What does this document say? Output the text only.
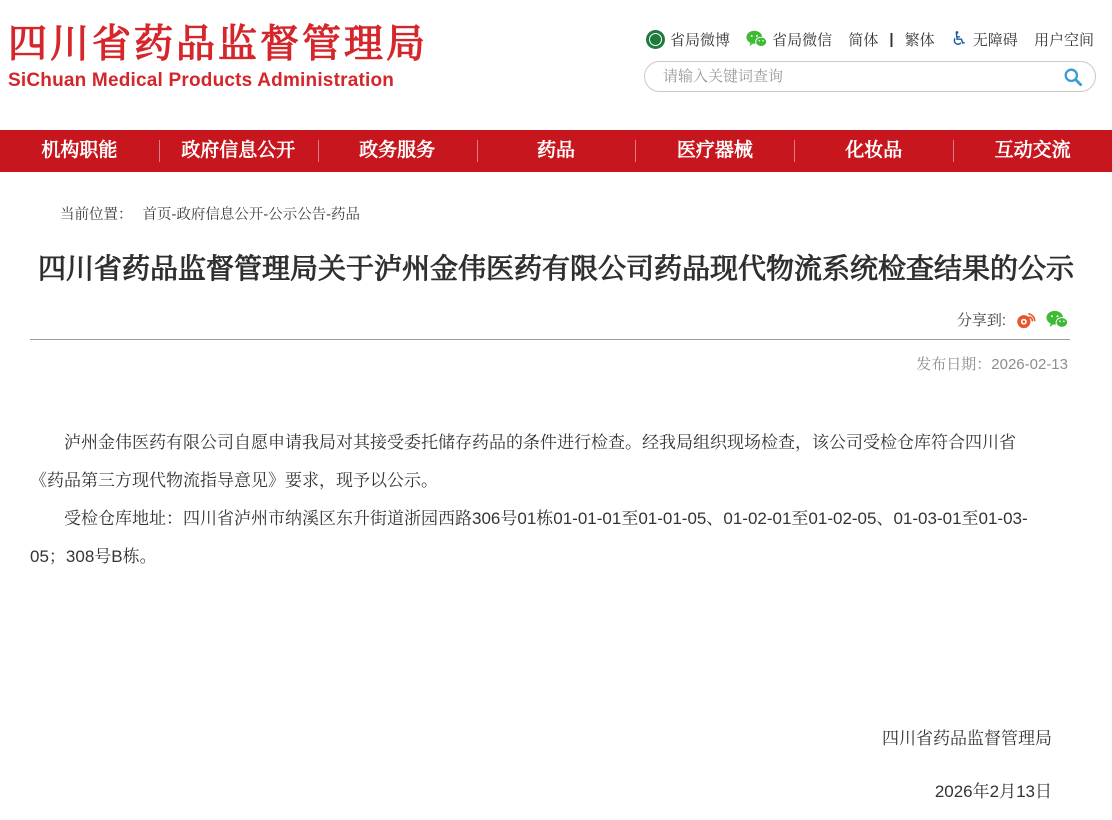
四川省药品监督管理局
SiChuan Medical Products Administration
省局微博	省局微信 简体 | 繁体 ♿ 无障碍 用户空间
请输入关键词查询
机构职能	政府信息公开	政务服务	药品	医疗器械	化妆品	互动交流
当前位置： 首页-政府信息公开-公示公告-药品
四川省药品监督管理局关于泸州金伟医药有限公司药品现代物流系统检查结果的公示
分享到:
发布日期：2026-02-13

泸州金伟医药有限公司自愿申请我局对其接受委托储存药品的条件进行检查。经我局组织现场检查，该公司受检仓库符合四川省《药品第三方现代物流指导意见》要求，现予以公示。

受检仓库地址：四川省泸州市纳溪区东升街道浙园西路306号01栋01-01-01至01-01-05、01-02-01至01-02-05、01-03-01至01-03-05；308号B栋。

四川省药品监督管理局
2026年2月13日
